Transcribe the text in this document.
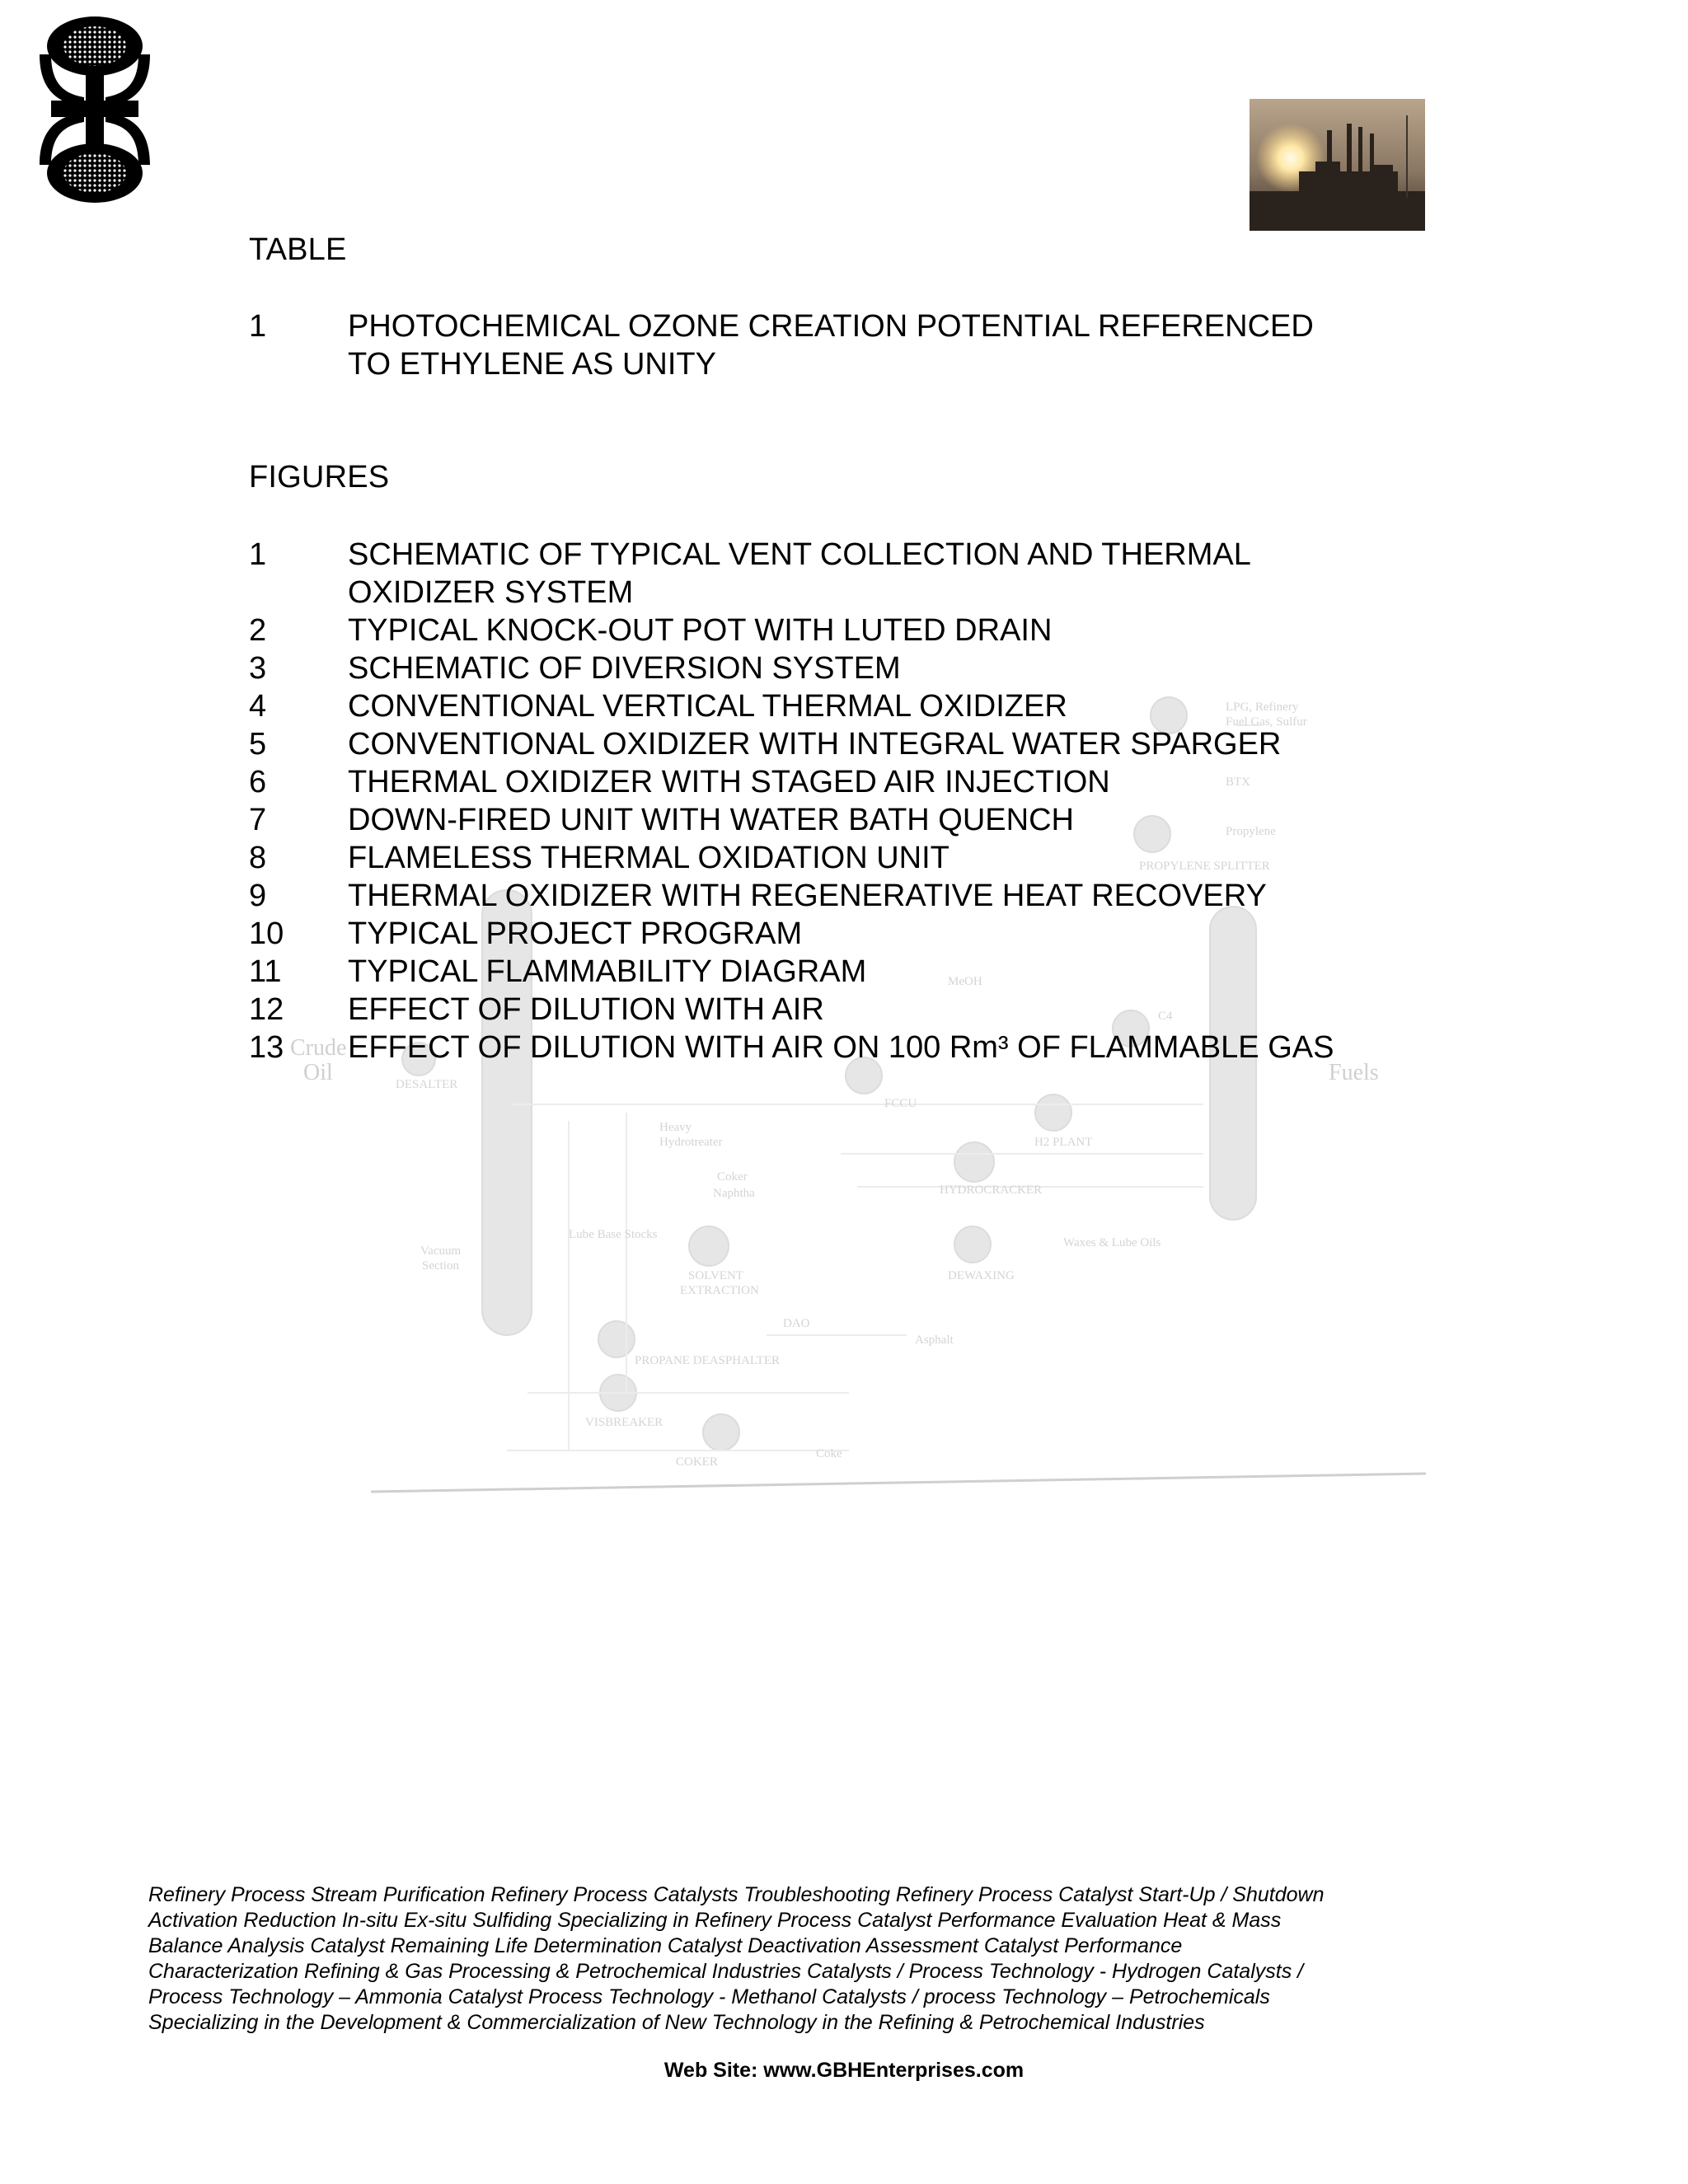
LPG, Refinery
Fuel Gas, Sulfur
BTX
Propylene
PROPYLENE SPLITTER
MeOH
C4
DESALTER
FCCU
Heavy
Hydrotreater	H2 PLANT
Coker
Naphtha	HYDROCRACKER
Lube Base Stocks
Vacuum
Section
SOLVENT
EXTRACTION
DEWAXING
Waxes & Lube Oils
DAO
Asphalt
PROPANE DEASPHALTER
VISBREAKER
COKER
Coke
Crude
Oil	Fuels
TABLE
1	PHOTOCHEMICAL OZONE CREATION POTENTIAL REFERENCED
TO ETHYLENE AS UNITY
FIGURES
1	SCHEMATIC OF TYPICAL VENT COLLECTION AND THERMAL
OXIDIZER SYSTEM
2	TYPICAL KNOCK-OUT POT WITH LUTED DRAIN
3	SCHEMATIC OF DIVERSION SYSTEM
4	CONVENTIONAL VERTICAL THERMAL OXIDIZER
5	CONVENTIONAL OXIDIZER WITH INTEGRAL WATER SPARGER
6	THERMAL OXIDIZER WITH STAGED AIR INJECTION
7	DOWN-FIRED UNIT WITH WATER BATH QUENCH
8	FLAMELESS THERMAL OXIDATION UNIT
9	THERMAL OXIDIZER WITH REGENERATIVE HEAT RECOVERY
10	TYPICAL PROJECT PROGRAM
11	TYPICAL FLAMMABILITY DIAGRAM
12	EFFECT OF DILUTION WITH AIR
13	EFFECT OF DILUTION WITH AIR ON 100 Rm³ OF FLAMMABLE GAS
Refinery Process Stream Purification Refinery Process Catalysts Troubleshooting Refinery Process Catalyst Start-Up / Shutdown
Activation Reduction In-situ Ex-situ Sulfiding Specializing in Refinery Process Catalyst Performance Evaluation Heat & Mass
Balance Analysis Catalyst Remaining Life Determination Catalyst Deactivation Assessment Catalyst Performance
Characterization Refining & Gas Processing & Petrochemical Industries Catalysts / Process Technology - Hydrogen Catalysts /
Process Technology – Ammonia Catalyst Process Technology - Methanol Catalysts / process Technology – Petrochemicals
Specializing in the Development & Commercialization of New Technology in the Refining & Petrochemical Industries
Web Site: www.GBHEnterprises.com
